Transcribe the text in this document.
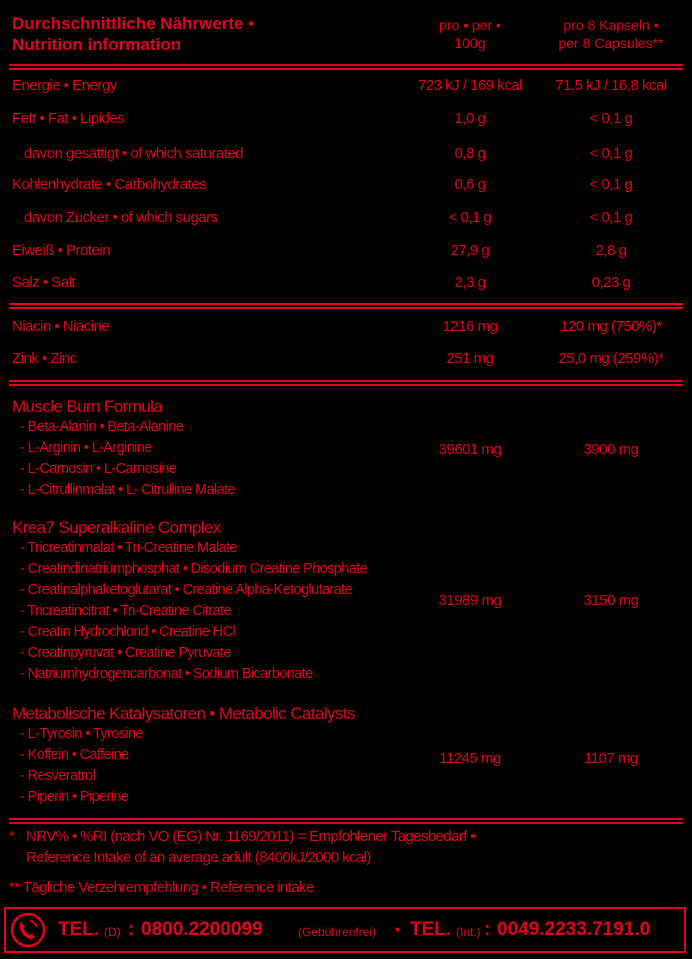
Durchschnittliche Nährwerte •
Nutrition information
pro • per •
100g
pro 8 Kapseln •
per 8 Capsules**
Energie • Energy	723 kJ / 169 kcal	71,5 kJ / 16,8 kcal
Fett • Fat • Lipides	1,0 g	< 0,1 g
davon gesättigt • of which saturated	0,8 g	< 0,1 g
Kohlenhydrate • Carbohydrates	0,6 g	< 0,1 g
davon Zucker • of which sugars	< 0,1 g	< 0,1 g
Eiweiß • Protein	27,9 g	2,8 g
Salz • Salt	2,3 g	0,23 g
Niacin • Niacine	1216 mg	120 mg (750%)*
Zink • Zinc	251 mg	25,0 mg (259%)*
Muscle Burn Formula
- Beta-Alanin • Beta-Alanine
- L-Arginin • L-Arginine
- L-Carnosin • L-Carnosine
- L-Citrullinmalat • L- Citrulline Malate
39601 mg	3900 mg
Krea7 Superalkaline Complex
- Tricreatinmalat • Tri-Creatine Malate
- Creatindinatriumphosphat • Disodium Creatine Phosphate
- Creatinalphaketoglutarat • Creatine Alpha-Ketoglutarate
- Tricreatincitrat • Tri-Creatine Citrate
- Creatin Hydrochlorid • Creatine HCl
- Creatinpyruvat • Creatine Pyruvate
- Natriumhydrogencarbonat • Sodium Bicarbonate
31989 mg	3150 mg
Metabolische Katalysatoren • Metabolic Catalysts
- L-Tyrosin • Tyrosine
- Koffein • Caffeine
- Resveratrol
- Piperin • Piperine
11245 mg	1107 mg
* NRV% • %RI (nach VO (EG) Nr. 1169/2011) = Empfohlener Tagesbedarf •
Reference Intake of an average adult (8400kJ/2000 kcal)
** Tägliche Verzehrempfehlung • Reference intake
TEL. (D) : 0800.2200099	(Gebührenfrei) • TEL. (Int.) : 0049.2233.7191.0
